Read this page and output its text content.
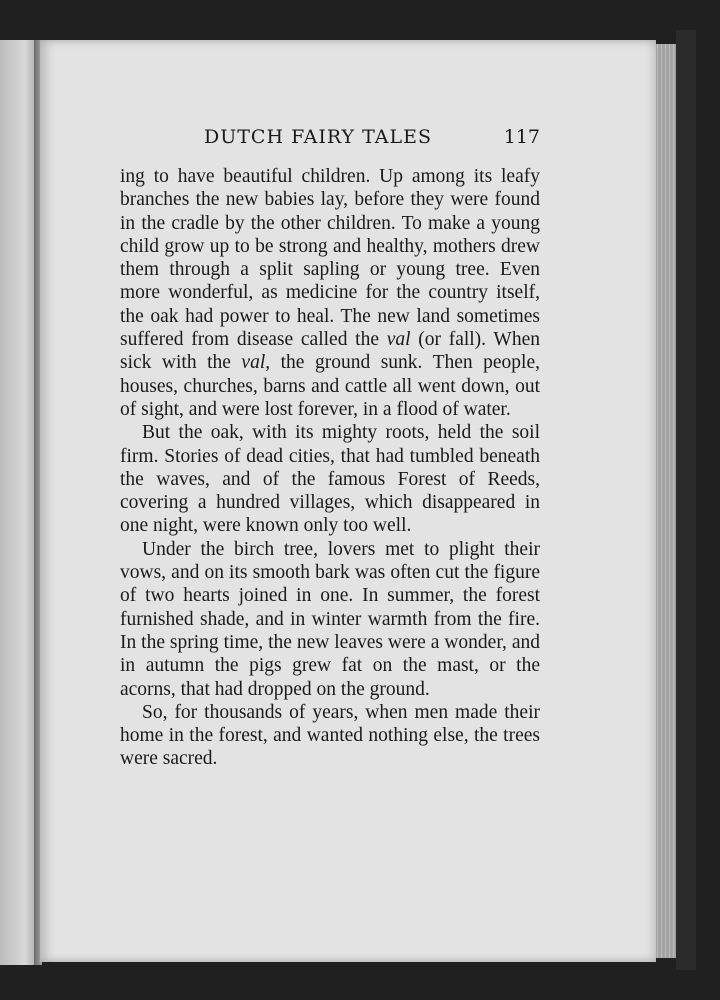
DUTCH FAIRY TALES	117

ing to have beautiful children. Up among its leafy branches the new babies lay, before they were found in the cradle by the other children. To make a young child grow up to be strong and healthy, mothers drew them through a split sapling or young tree. Even more wonderful, as medicine for the country itself, the oak had power to heal. The new land sometimes suffered from disease called the val (or fall). When sick with the val, the ground sunk. Then people, houses, churches, barns and cattle all went down, out of sight, and were lost forever, in a flood of water.

But the oak, with its mighty roots, held the soil firm. Stories of dead cities, that had tumbled beneath the waves, and of the famous Forest of Reeds, covering a hundred villages, which disappeared in one night, were known only too well.

Under the birch tree, lovers met to plight their vows, and on its smooth bark was often cut the figure of two hearts joined in one. In summer, the forest furnished shade, and in winter warmth from the fire. In the spring time, the new leaves were a wonder, and in autumn the pigs grew fat on the mast, or the acorns, that had dropped on the ground.

So, for thousands of years, when men made their home in the forest, and wanted nothing else, the trees were sacred.
